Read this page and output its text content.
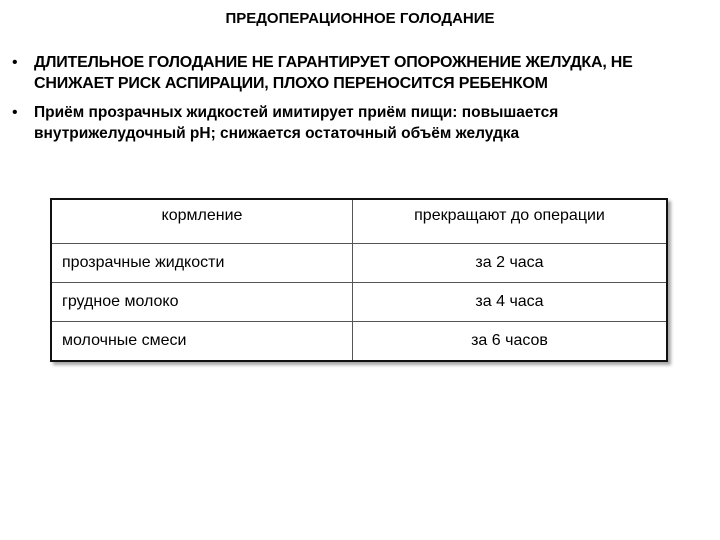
ПРЕДОПЕРАЦИОННОЕ ГОЛОДАНИЕ
• ДЛИТЕЛЬНОЕ ГОЛОДАНИЕ НЕ ГАРАНТИРУЕТ ОПОРОЖНЕНИЕ ЖЕЛУДКА, НЕ СНИЖАЕТ РИСК АСПИРАЦИИ, ПЛОХО ПЕРЕНОСИТСЯ РЕБЕНКОМ
• Приём прозрачных жидкостей имитирует приём пищи: повышается внутрижелудочный pH; снижается остаточный объём желудка
кормление	прекращают до операции
прозрачные жидкости	за 2 часа
грудное молоко	за 4 часа
молочные смеси	за 6 часов
